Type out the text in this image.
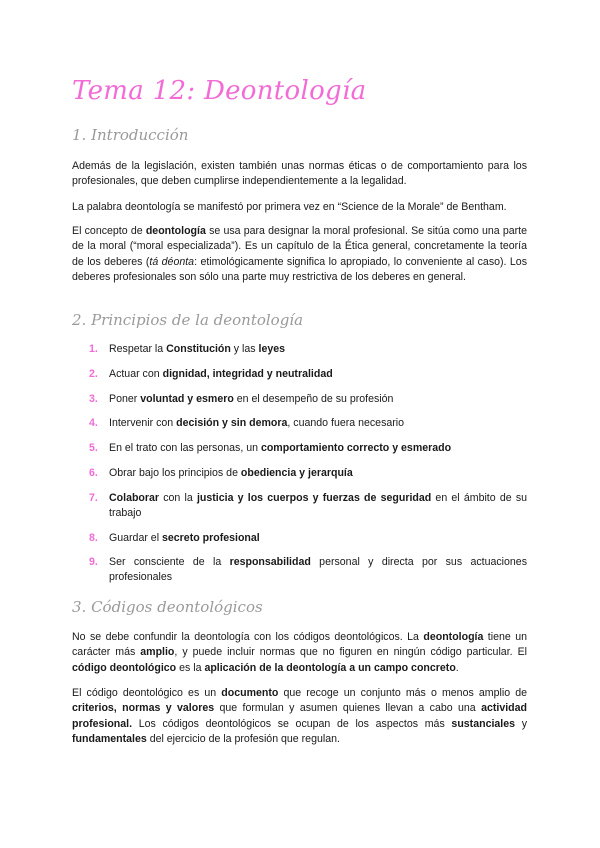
Tema 12: Deontología
1. Introducción

Además de la legislación, existen también unas normas éticas o de comportamiento para los profesionales, que deben cumplirse independientemente a la legalidad.

La palabra deontología se manifestó por primera vez en “Science de la Morale” de Bentham.

El concepto de deontología se usa para designar la moral profesional. Se sitúa como una parte de la moral (“moral especializada”). Es un capítulo de la Ética general, concretamente la teoría de los deberes (tá déonta: etimológicamente significa lo apropiado, lo conveniente al caso). Los deberes profesionales son sólo una parte muy restrictiva de los deberes en general.

2. Principios de la deontología
1. Respetar la Constitución y las leyes
2. Actuar con dignidad, integridad y neutralidad
3. Poner voluntad y esmero en el desempeño de su profesión
4. Intervenir con decisión y sin demora, cuando fuera necesario
5. En el trato con las personas, un comportamiento correcto y esmerado
6. Obrar bajo los principios de obediencia y jerarquía
7. Colaborar con la justicia y los cuerpos y fuerzas de seguridad en el ámbito de su trabajo
8. Guardar el secreto profesional
9. Ser consciente de la responsabilidad personal y directa por sus actuaciones profesionales
3. Códigos deontológicos

No se debe confundir la deontología con los códigos deontológicos. La deontología tiene un carácter más amplio, y puede incluir normas que no figuren en ningún código particular. El código deontológico es la aplicación de la deontología a un campo concreto.

El código deontológico es un documento que recoge un conjunto más o menos amplio de criterios, normas y valores que formulan y asumen quienes llevan a cabo una actividad profesional. Los códigos deontológicos se ocupan de los aspectos más sustanciales y fundamentales del ejercicio de la profesión que regulan.
